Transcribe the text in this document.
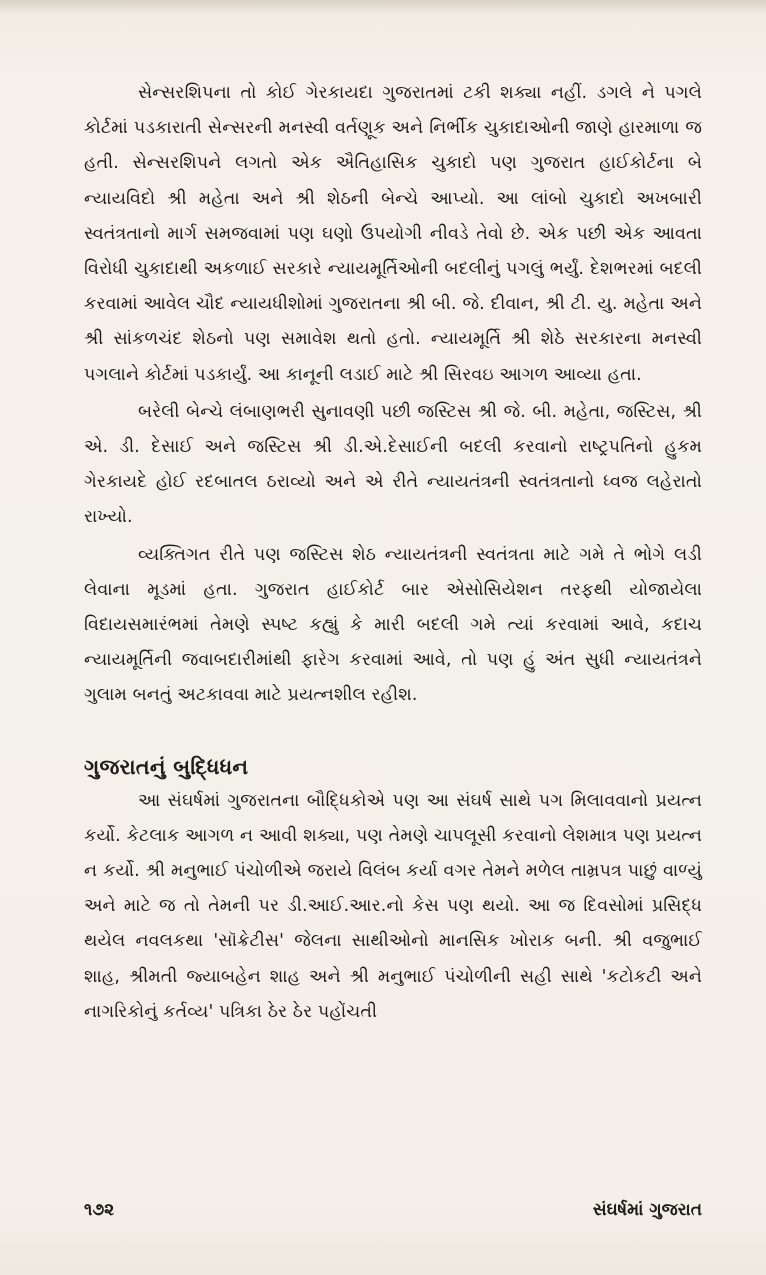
સેન્સરશિપના તો કોઈ ગેરકાયદા ગુજરાતમાં ટકી શક્યા નહીં. ડગલે ને પગલે કોર્ટમાં પડકારાતી સેન્સરની મનસ્વી વર્તણૂક અને નિર્ભીક ચુકાદાઓની જાણે હારમાળા જ હતી. સેન્સરશિપને લગતો એક ઐતિહાસિક ચુકાદો પણ ગુજરાત હાઈકોર્ટના બે ન્યાયવિદો શ્રી મહેતા અને શ્રી શેઠની બેન્ચે આપ્યો. આ લાંબો ચુકાદો અખબારી સ્વતંત્રતાનો માર્ગ સમજવામાં પણ ઘણો ઉપયોગી નીવડે તેવો છે. એક પછી એક આવતા વિરોધી ચુકાદાથી અકળાઈ સરકારે ન્યાયમૂર્તિઓની બદલીનું પગલું ભર્યું. દેશભરમાં બદલી કરવામાં આવેલ ચૌદ ન્યાયધીશોમાં ગુજરાતના શ્રી બી. જે. દીવાન, શ્રી ટી. યુ. મહેતા અને શ્રી સાંકળચંદ શેઠનો પણ સમાવેશ થતો હતો. ન્યાયમૂર્તિ શ્રી શેઠે સરકારના મનસ્વી પગલાને કોર્ટમાં પડકાર્યું. આ કાનૂની લડાઈ માટે શ્રી સિરવઇ આગળ આવ્યા હતા.

બરેલી બેન્ચે લંબાણભરી સુનાવણી પછી જસ્ટિસ શ્રી જે. બી. મહેતા, જસ્ટિસ, શ્રી એ. ડી. દેસાઈ અને જસ્ટિસ શ્રી ડી.એ.દેસાઈની બદલી કરવાનો રાષ્ટ્રપતિનો હુકમ ગેરકાયદે હોઈ રદબાતલ ઠરાવ્યો અને એ રીતે ન્યાયતંત્રની સ્વતંત્રતાનો ધ્વજ લહેરાતો રાખ્યો.

વ્યક્તિગત રીતે પણ જસ્ટિસ શેઠ ન્યાયતંત્રની સ્વતંત્રતા માટે ગમે તે ભોગે લડી લેવાના મૂડમાં હતા. ગુજરાત હાઈકોર્ટ બાર એસોસિયેશન તરફથી યોજાયેલા વિદાયસમારંભમાં તેમણે સ્પષ્ટ કહ્યું કે મારી બદલી ગમે ત્યાં કરવામાં આવે, કદાચ ન્યાયમૂર્તિની જવાબદારીમાંથી ફારેગ કરવામાં આવે, તો પણ હું અંત સુધી ન્યાયતંત્રને ગુલામ બનતું અટકાવવા માટે પ્રયત્નશીલ રહીશ.

ગુજરાતનું બુદ્ધિધન

આ સંઘર્ષમાં ગુજરાતના બૌદ્ધિકોએ પણ આ સંઘર્ષ સાથે પગ મિલાવવાનો પ્રયત્ન કર્યો. કેટલાક આગળ ન આવી શક્યા, પણ તેમણે ચાપલૂસી કરવાનો લેશમાત્ર પણ પ્રયત્ન ન કર્યો. શ્રી મનુભાઈ પંચોળીએ જરાયે વિલંબ કર્યા વગર તેમને મળેલ તામ્રપત્ર પાછું વાળ્યું અને માટે જ તો તેમની પર ડી.આઈ.આર.નો કેસ પણ થયો. આ જ દિવસોમાં પ્રસિદ્ધ થયેલ નવલકથા 'સૉક્રેટીસ' જેલના સાથીઓનો માનસિક ખોરાક બની. શ્રી વજુભાઈ શાહ, શ્રીમતી જ્યાબહેન શાહ અને શ્રી મનુભાઈ પંચોળીની સહી સાથે 'કટોકટી અને નાગરિકોનું કર્તવ્ય' પત્રિકા ઠેર ઠેર પહોંચતી

૧૭૨	સંઘર્ષમાં ગુજરાત
